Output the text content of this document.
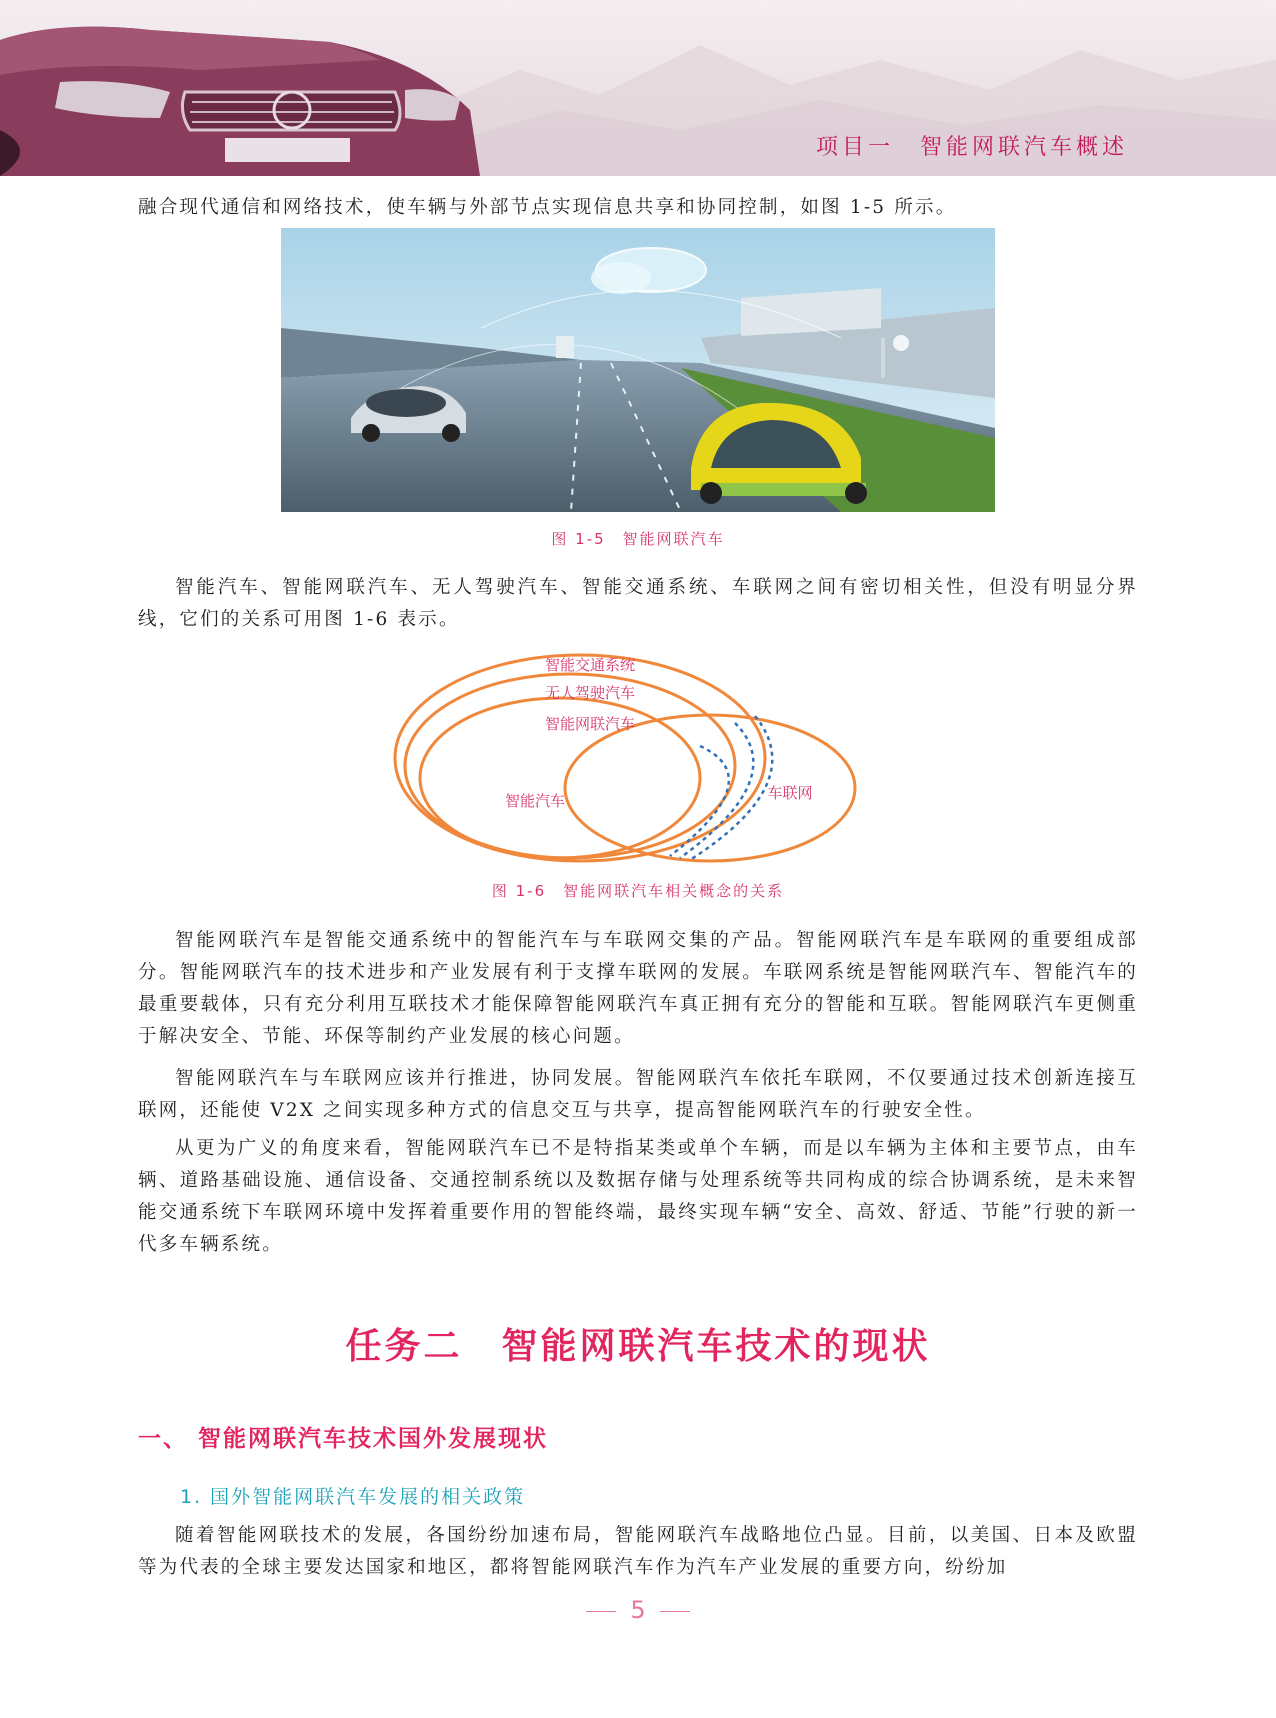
项目一　智能网联汽车概述

融合现代通信和网络技术，使车辆与外部节点实现信息共享和协同控制，如图 1-5 所示。

图 1-5　智能网联汽车

智能汽车、智能网联汽车、无人驾驶汽车、智能交通系统、车联网之间有密切相关性，但没有明显分界线，它们的关系可用图 1-6 表示。

智能交通系统
无人驾驶汽车
智能网联汽车
智能汽车	车联网
图 1-6　智能网联汽车相关概念的关系

智能网联汽车是智能交通系统中的智能汽车与车联网交集的产品。智能网联汽车是车联网的重要组成部分。智能网联汽车的技术进步和产业发展有利于支撑车联网的发展。车联网系统是智能网联汽车、智能汽车的最重要载体，只有充分利用互联技术才能保障智能网联汽车真正拥有充分的智能和互联。智能网联汽车更侧重于解决安全、节能、环保等制约产业发展的核心问题。

智能网联汽车与车联网应该并行推进，协同发展。智能网联汽车依托车联网，不仅要通过技术创新连接互联网，还能使 V2X 之间实现多种方式的信息交互与共享，提高智能网联汽车的行驶安全性。

从更为广义的角度来看，智能网联汽车已不是特指某类或单个车辆，而是以车辆为主体和主要节点，由车辆、道路基础设施、通信设备、交通控制系统以及数据存储与处理系统等共同构成的综合协调系统，是未来智能交通系统下车联网环境中发挥着重要作用的智能终端，最终实现车辆“安全、高效、舒适、节能”行驶的新一代多车辆系统。

任务二　智能网联汽车技术的现状
一、 智能网联汽车技术国外发展现状
1. 国外智能网联汽车发展的相关政策

随着智能网联技术的发展，各国纷纷加速布局，智能网联汽车战略地位凸显。目前，以美国、日本及欧盟等为代表的全球主要发达国家和地区，都将智能网联汽车作为汽车产业发展的重要方向，纷纷加

5
